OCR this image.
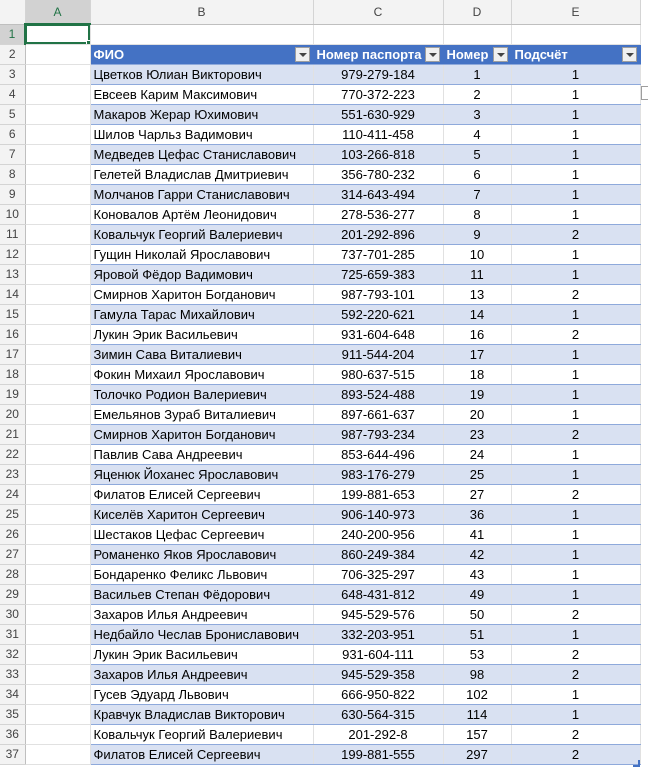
	A	B	C	D	E
1					
2		ФИО	Номер паспорта	Номер	Подсчёт

3		Цветков Юлиан Викторович	979-279-184	1	1
4		Евсеев Карим Максимович	770-372-223	2	1
5		Макаров Жерар Юхимович	551-630-929	3	1
6		Шилов Чарльз Вадимович	110-411-458	4	1
7		Медведев Цефас Станиславович	103-266-818	5	1
8		Гелетей Владислав Дмитриевич	356-780-232	6	1
9		Молчанов Гарри Станиславович	314-643-494	7	1
10		Коновалов Артём Леонидович	278-536-277	8	1
11		Ковальчук Георгий Валериевич	201-292-896	9	2
12		Гущин Николай Ярославович	737-701-285	10	1
13		Яровой Фёдор Вадимович	725-659-383	11	1
14		Смирнов Харитон Богданович	987-793-101	13	2
15		Гамула Тарас Михайлович	592-220-621	14	1
16		Лукин Эрик Васильевич	931-604-648	16	2
17		Зимин Сава Виталиевич	911-544-204	17	1
18		Фокин Михаил Ярославович	980-637-515	18	1
19		Толочко Родион Валериевич	893-524-488	19	1
20		Емельянов Зураб Виталиевич	897-661-637	20	1
21		Смирнов Харитон Богданович	987-793-234	23	2
22		Павлив Сава Андреевич	853-644-496	24	1
23		Яценюк Йоханес Ярославович	983-176-279	25	1
24		Филатов Елисей Сергеевич	199-881-653	27	2
25		Киселёв Харитон Сергеевич	906-140-973	36	1
26		Шестаков Цефас Сергеевич	240-200-956	41	1
27		Романенко Яков Ярославович	860-249-384	42	1
28		Бондаренко Феликс Львович	706-325-297	43	1
29		Васильев Степан Фёдорович	648-431-812	49	1
30		Захаров Илья Андреевич	945-529-576	50	2
31		Недбайло Чеслав Брониславович	332-203-951	51	1
32		Лукин Эрик Васильевич	931-604-111	53	2
33		Захаров Илья Андреевич	945-529-358	98	2
34		Гусев Эдуард Львович	666-950-822	102	1
35		Кравчук Владислав Викторович	630-564-315	114	1
36		Ковальчук Георгий Валериевич	201-292-8	157	2
37		Филатов Елисей Сергеевич	199-881-555	297	2
